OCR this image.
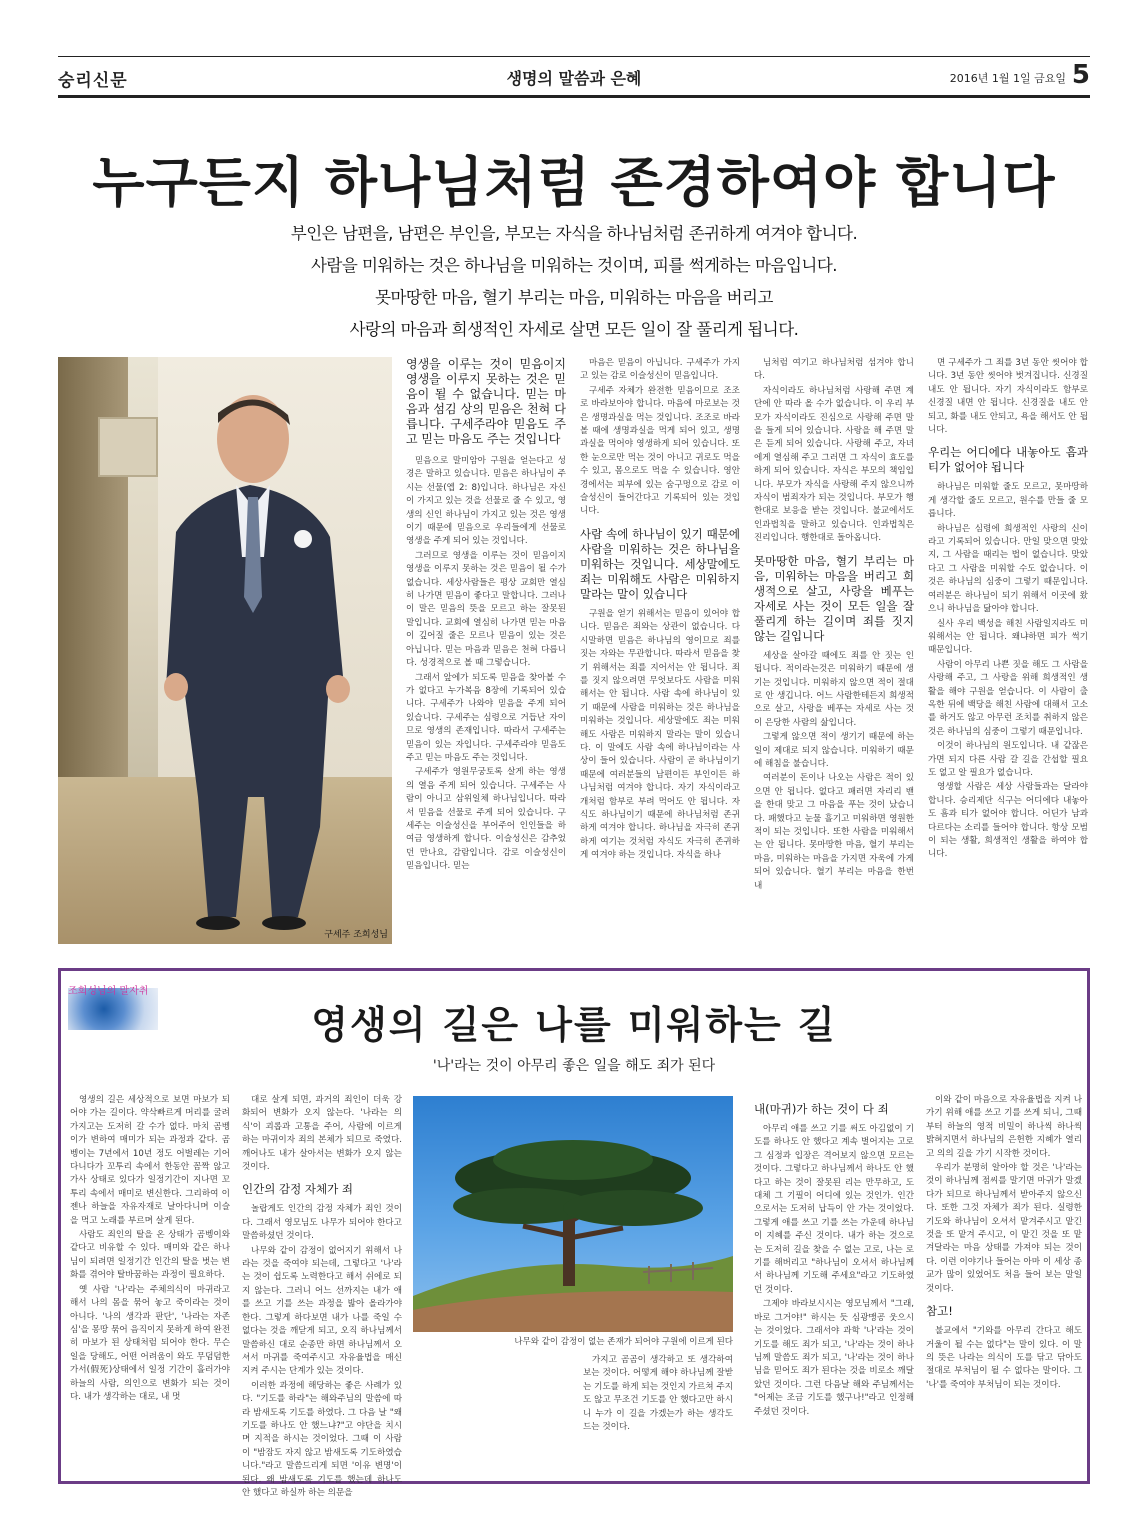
숭리신문	생명의 말씀과 은혜	2016년 1월 1일 금요일 5
누구든지 하나님처럼 존경하여야 합니다
부인은 남편을, 남편은 부인을, 부모는 자식을 하나님처럼 존귀하게 여겨야 합니다.
사람을 미워하는 것은 하나님을 미워하는 것이며, 피를 썩게하는 마음입니다.
못마땅한 마음, 혈기 부리는 마음, 미워하는 마음을 버리고
사랑의 마음과 희생적인 자세로 살면 모든 일이 잘 풀리게 됩니다.
구세주 조희성님
영생을 이루는 것이 믿음이지 영생을 이루지 못하는 것은 믿음이 될 수 없습니다. 믿는 마음과 섬김 상의 믿음은 천혀 다릅니다. 구세주라야 믿음도 주고 믿는 마음도 주는 것입니다

믿음으로 말미암아 구원을 얻는다고 성경은 말하고 있습니다. 믿음은 하나님이 주시는 선물(엡 2: 8)입니다. 하나님은 자신이 가지고 있는 것을 선물로 줄 수 있고, 영생의 신인 하나님이 가지고 있는 것은 영생이기 때문에 믿음으로 우리들에게 선물로 영생을 주게 되어 있는 것입니다.

그러므로 영생을 이루는 것이 믿음이지 영생을 이루지 못하는 것은 믿음이 될 수가 없습니다. 세상사람들은 평상 교회만 열심히 나가면 믿음이 좋다고 말합니다. 그러나 이 말은 믿음의 뜻을 모르고 하는 잘못된 말입니다. 교회에 열심히 나가면 믿는 마음이 깊어질 줄은 모르나 믿음이 있는 것은 아닙니다. 믿는 마음과 믿음은 천혀 다릅니다. 성경적으로 볼 때 그렇습니다.

그래서 앞에가 되도록 믿음을 찾아볼 수가 없다고 누가복음 8장에 기록되어 있습니다. 구세주가 나와야 믿음을 주게 되어 있습니다. 구세주는 심령으로 거듭난 자이므로 영생의 존재입니다. 따라서 구세주는 믿음이 있는 자입니다. 구세주라야 믿음도 주고 믿는 마음도 주는 것입니다.

구세주가 영원무궁토록 살게 하는 영생의 열음 주게 되어 있습니다. 구세주는 사람이 아니고 삼위일체 하나님입니다. 따라서 믿음을 선물로 주게 되어 있습니다. 구세주는 이슬성신을 부어주어 인인들을 하여금 영생하게 합니다. 이슬성신은 감추었던 만나요, 감람입니다. 감로 이슬성신이 믿음입니다. 믿는

마음은 믿음이 아닙니다. 구세주가 가지고 있는 감로 이슬성신이 믿음입니다.

구세주 자체가 완전한 믿음이므로 조조로 바라보아야 합니다. 마음에 마로보는 것은 생명과실을 먹는 것입니다. 조조로 바라볼 때에 생명과실을 먹게 되어 있고, 생명과실을 먹어야 영생하게 되어 있습니다. 또한 눈으로만 먹는 것이 아니고 귀로도 먹을 수 있고, 몸으로도 먹을 수 있습니다. 영안경에서는 피부에 있는 숨구멍으로 감로 이슬성신이 들어간다고 기록되어 있는 것입니다.

사람 속에 하나님이 있기 때문에 사람을 미워하는 것은 하나님을 미워하는 것입니다. 세상말에도 죄는 미워해도 사람은 미워하지 말라는 말이 있습니다

구원을 얻기 위해서는 믿음이 있어야 합니다. 믿음은 죄와는 상관이 없습니다. 다시말하면 믿음은 하나님의 영이므로 죄를 짓는 자와는 무관합니다. 따라서 믿음을 찾기 위해서는 죄를 지어서는 안 됩니다. 죄를 짓지 않으려면 무엇보다도 사람을 미워해서는 안 됩니다. 사람 속에 하나님이 있기 때문에 사람을 미워하는 것은 하나님을 미워하는 것입니다. 세상말에도 죄는 미워해도 사람은 미워하지 말라는 말이 있습니다. 이 말에도 사람 속에 하나님이라는 사상이 들어 있습니다. 사람이 곧 하나님이기 때문에 여러분들의 남편이든 부인이든 하나님처럼 여겨야 합니다. 자기 자식이라고 개처럼 함부로 부려 먹어도 안 됩니다. 자식도 하나님이기 때문에 하나님처럼 존귀하게 여겨야 합니다. 하나님을 자극히 존귀하게 여기는 것처럼 자식도 자극히 존귀하게 여겨야 하는 것입니다. 자식을 하나

님처럼 여기고 하나님처럼 섬겨야 합니다.

자식이라도 하나님처럼 사랑해 주면 계단에 안 따라 올 수가 없습니다. 이 우리 부모가 자식이라도 진심으로 사랑해 주면 말을 들게 되어 있습니다. 사랑을 해 주면 말은 듣게 되어 있습니다. 사랑해 주고, 자녀에게 열심해 주고 그러면 그 자식이 효도를 하게 되어 있습니다. 자식은 부모의 책임입니다. 부모가 자식을 사랑해 주지 않으니까 자식이 범죄자가 되는 것입니다. 부모가 행한대로 보응을 받는 것입니다. 불교에서도 인과법칙을 말하고 있습니다. 인과법칙은 진리입니다. 행한대로 돌아옵니다.

못마땅한 마음, 혈기 부리는 마음, 미워하는 마음을 버리고 희생적으로 살고, 사랑을 베푸는 자세로 사는 것이 모든 일을 잘 풀리게 하는 길이며 죄를 짓지 않는 길입니다

세상을 살아갈 때에도 죄를 안 짓는 인 됩니다. 적이라는것은 미워하기 때문에 생기는 것입니다. 미워하지 않으면 적이 절대로 안 생깁니다. 어느 사람한테든지 희생적으로 살고, 사랑을 베푸는 자세로 사는 것이 은당한 사람의 삶입니다.

그렇게 않으면 적이 생기기 때문에 하는 일이 제대로 되지 않습니다. 미워하기 때문에 해침을 불습니다.

여러분이 돈이나 나오는 사람은 적이 있으면 안 됩니다. 없다고 패러면 자리리 밴을 한대 맞고 그 마음을 푸는 것이 났습니다. 패했다고 눈물 흘기고 미워하면 영원한 적이 되는 것입니다. 또한 사람을 미워해서는 안 됩니다. 못마땅한 마음, 혈기 부리는 마음, 미워하는 마음을 가지면 자욱에 가게 되어 있습니다. 혈기 부리는 마음을 한번 내

면 구세주가 그 죄를 3년 동안 씻어야 합니다. 3년 동안 씻어야 벗겨집니다. 신경질 내도 안 됩니다. 자기 자식이라도 함부로 신경질 내면 안 됩니다. 신경질을 내도 안되고, 화를 내도 안되고, 욕을 해서도 안 됩니다.

우리는 어디에다 내놓아도 흠과 티가 없어야 됩니다

하나님은 미워할 줄도 모르고, 못마땅하게 생각할 줄도 모르고, 원수를 만들 줄 모릅니다.

하나님은 심령에 희생적인 사랑의 신이라고 기록되어 있습니다. 만일 맞으면 맞았지, 그 사람을 때리는 법이 없습니다. 맞았다고 그 사람을 미워할 수도 없습니다. 이것은 하나님의 심중이 그렇기 때문입니다. 여러분은 하나님이 되기 위해서 이곳에 왔으니 하나님을 닮아야 합니다.

실사 우리 백성을 해친 사람일지라도 미워해서는 안 됩니다. 왜냐하면 피가 썩기 때문입니다.

사람이 아무리 나쁜 짓을 해도 그 사람을 사랑해 주고, 그 사랑을 위해 희생적인 생활을 해야 구원을 얻습니다. 이 사람이 출옥한 뒤에 백당을 해친 사람에 대해서 고소를 하거도 않고 아무런 조치를 취하지 않은 것은 하나님의 심중이 그렇기 때문입니다.

이것이 하나님의 원도입니다. 내 같잖은 가면 되지 다른 사람 갈 길을 간섭할 필요도 없고 알 필요가 없습니다.

영생할 사람은 세상 사람들과는 달라야 합니다. 승리제단 식구는 어디에다 내놓아도 흠과 티가 없어야 합니다. 어딘가 남과 다르다는 소리를 들어야 합니다. 항상 모범이 되는 생활, 희생적인 생활을 하여야 합니다.

조희성님의 말자취
영생의 길은 나를 미워하는 길
'나'라는 것이 아무리 좋은 일을 해도 죄가 된다

영생의 길은 세상적으로 보면 마보가 되어야 가는 길이다. 약삭빠르게 머리를 굴려가지고는 도저히 갈 수가 없다. 마치 곰벵이가 변하여 매미가 되는 과정과 같다. 곰벵이는 7년에서 10년 정도 어벌레는 기어 다니다가 꼬투리 속에서 한동안 꼼짝 않고 가사 상태로 있다가 일정기간이 지나면 꼬투리 속에서 매미로 변신한다. 그리하여 이젠나 하늘을 자유자재로 날아다니며 이슬을 먹고 노래를 부르며 살게 된다.

사람도 죄인의 탈을 온 상태가 곰벵이와 같다고 비유할 수 있다. 매미와 같은 하나님이 되려면 일정기간 인간의 탈을 벗는 변화를 겪어야 탈바꿈하는 과정이 필요하다.

옛 사람 '나'라는 주체의식이 마귀라고 해서 나의 몸을 묶어 놓고 죽이라는 것이 아니다. '나의 생각과 판단', '나라는 자존심'을 몽땅 묶어 음직이지 못하게 하여 완전히 마보가 된 상태처럼 되어야 한다. 무슨 일을 당해도, 어떤 어려움이 와도 무덤덤한 가서(假死)상태에서 일정 기간이 흘러가야 하늘의 사람, 의인으로 변화가 되는 것이다. 내가 생각하는 대로, 내 멋

대로 살게 되면, 과거의 죄인이 더욱 강화되어 변화가 오지 않는다. '나라는 의식'이 괴롭과 고통을 주어, 사람에 이르게 하는 마귀이자 죄의 본체가 되므로 죽였다. 깨어나도 내가 살아서는 변화가 오지 않는 것이다.

인간의 감정 자체가 죄

놀랍게도 인간의 감정 자체가 죄인 것이다. 그래서 영모님도 나무가 되어야 한다고 말씀하셨던 것이다.

나무와 같이 감정이 없어지기 위해서 나라는 것을 죽여야 되는데, 그렇다고 '나'라는 것이 쉽도록 노력한다고 해서 쉬에로 되지 않는다. 그러니 어느 선까지는 내가 애를 쓰고 기를 쓰는 과정을 밟아 올라가야 한다. 그렇게 하다보면 내가 나를 죽일 수 없다는 것을 깨닫게 되고, 오직 하나님께서 말씀하신 대로 순종만 하면 하나님께서 오셔서 마귀를 죽여주시고 자유율법을 매신 지켜 주시는 단계가 있는 것이다.

이러한 과정에 해당하는 좋은 사례가 있다. "기도를 하라"는 해와주님의 말씀에 따라 밤새도록 기도를 하였다. 그 다음 날 "왜 기도를 하나도 안 했느냐?"고 야단을 치시며 지적을 하시는 것이었다. 그때 이 사람이 "밤잠도 자지 않고 밤새도록 기도하였습니다."라고 말씀드리게 되면 '이유 변명'이 된다. 왜 밤새도록 기도를 했는데 하나도 안 했다고 하실까 하는 의문을

나무와 같이 감정이 없는 존재가 되어야 구원에 이르게 된다

가지고 곰곰이 생각하고 또 생각하여 보는 것이다. 어떻게 해야 하나님께 잘받는 기도를 하게 되는 것인지 가르쳐 주지도 않고 무조건 기도를 안 했다고만 하시니 누가 이 길을 가겠는가 하는 생각도 드는 것이다.

내(마귀)가 하는 것이 다 죄

아무리 애를 쓰고 기를 써도 아김없이 기도를 하나도 안 했다고 계속 벌어지는 고로 그 심정과 입장은 격어보지 않으면 모르는 것이다. 그렇다고 하나님께서 하나도 안 했다고 하는 것이 잘못된 리는 만무하고, 도대체 그 기필이 어디에 있는 것인가. 인간으로서는 도저히 납득이 안 가는 것이었다. 그렇게 애를 쓰고 기를 쓰는 가운데 하나님이 지혜를 주신 것이다. 내가 하는 것으로는 도저히 길을 찾을 수 없는 고로, 나는 로기를 해버리고 "하나님이 오셔서 하나님께서 하나님께 기도해 주세요"라고 기도하였던 것이다.

그제야 바라보시시는 영모님께서 "그래, 바로 그거야!" 하시는 듯 심광맹공 웃으시는 것이었다. 그래서야 과학 '나'라는 것이 기도를 해도 죄가 되고, '나'라는 것이 하나님께 말씀도 죄가 되고, '나'라는 것이 하나님을 믿어도 죄가 된다는 것을 비로소 깨달았던 것이다. 그런 다음날 해와 주님께서는 "어제는 조금 기도를 했구나!"라고 인정해 주셨던 것이다.

이와 같이 마음으로 자유율법을 지켜 나가기 위해 애를 쓰고 기를 쓰게 되니, 그때부터 하늘의 영적 비밀이 하나씩 하나씩 밝혀지면서 하나님의 은헌한 지혜가 열리고 의의 길을 가기 시작한 것이다.

우리가 분명히 알아야 할 것은 '나'라는 것이 하나님께 점씨를 말기면 마귀가 말겠다가 되므로 하나님께서 받아주지 않으신다. 또한 그것 자체가 죄가 된다. 실령한 기도와 하나님이 오셔서 맡겨주시고 맡긴 것을 또 맡겨 주시고, 이 맡긴 것을 또 맡겨달라는 마음 상태를 가져야 되는 것이다. 이런 이야기나 들어는 아마 이 세상 종교가 많이 있었어도 처음 들어 보는 말일 것이다.

참고!

불교에서 "기와를 아무리 간다고 해도 거울이 될 수는 없다"는 말이 있다. 이 말의 뜻은 나라는 의식이 도를 닦고 닦아도 절대로 부처님이 될 수 없다는 말이다. 그 '나'를 죽여야 부처님이 되는 것이다.
